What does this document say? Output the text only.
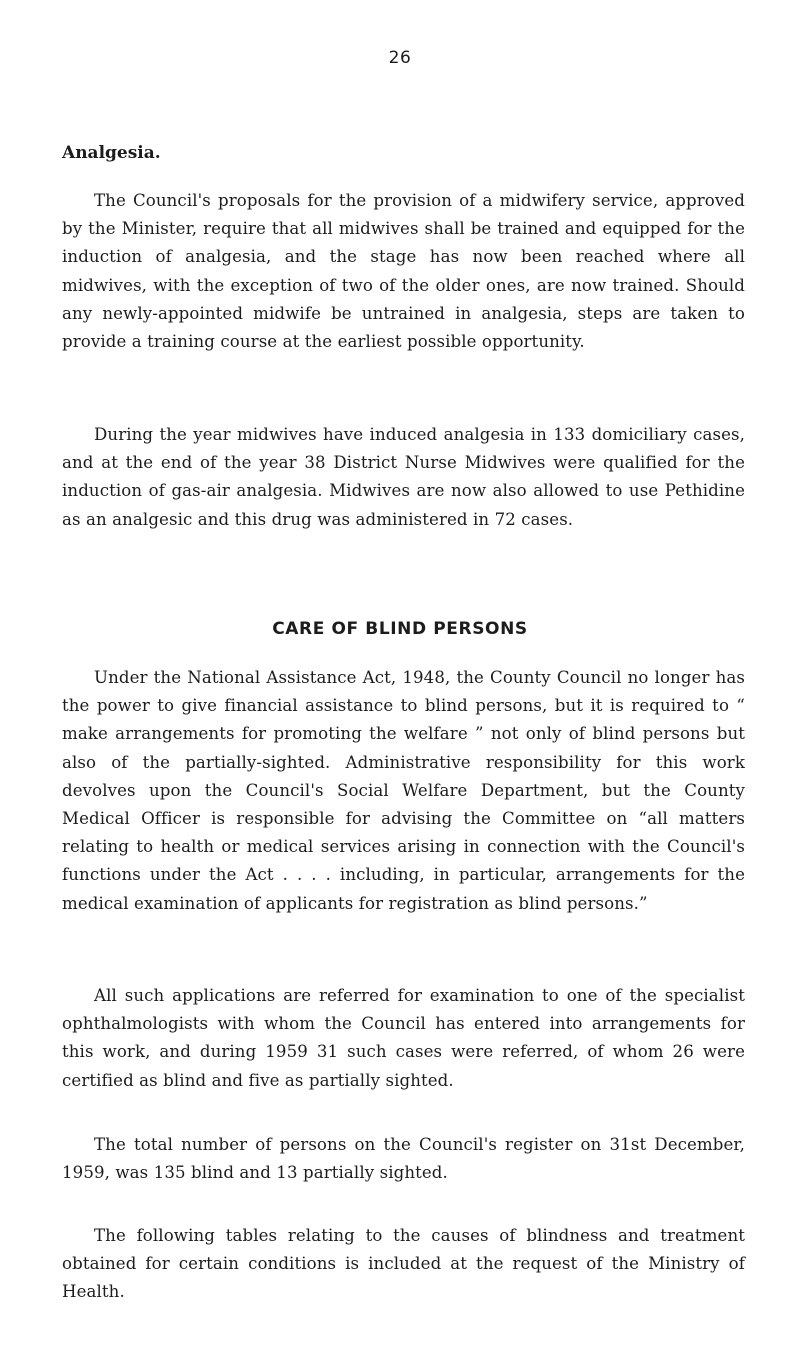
26
Analgesia.

The Council's proposals for the provision of a midwifery service, approved by the Minister, require that all midwives shall be trained and equipped for the induction of analgesia, and the stage has now been reached where all midwives, with the exception of two of the older ones, are now trained. Should any newly-appointed midwife be untrained in analgesia, steps are taken to provide a training course at the earliest possible opportunity.

During the year midwives have induced analgesia in 133 domiciliary cases, and at the end of the year 38 District Nurse Midwives were qualified for the induction of gas-air analgesia. Midwives are now also allowed to use Pethidine as an analgesic and this drug was administered in 72 cases.

CARE OF BLIND PERSONS

Under the National Assistance Act, 1948, the County Council no longer has the power to give financial assistance to blind persons, but it is required to “ make arrangements for promoting the welfare ” not only of blind persons but also of the partially-sighted. Administrative responsibility for this work devolves upon the Council's Social Welfare Department, but the County Medical Officer is responsible for advising the Committee on “all matters relating to health or medical services arising in connection with the Council's functions under the Act . . . . including, in particular, arrangements for the medical examination of applicants for registration as blind persons.”

All such applications are referred for examination to one of the specialist ophthalmologists with whom the Council has entered into arrangements for this work, and during 1959 31 such cases were referred, of whom 26 were certified as blind and five as partially sighted.

The total number of persons on the Council's register on 31st December, 1959, was 135 blind and 13 partially sighted.

The following tables relating to the causes of blindness and treatment obtained for certain conditions is included at the request of the Ministry of Health.
